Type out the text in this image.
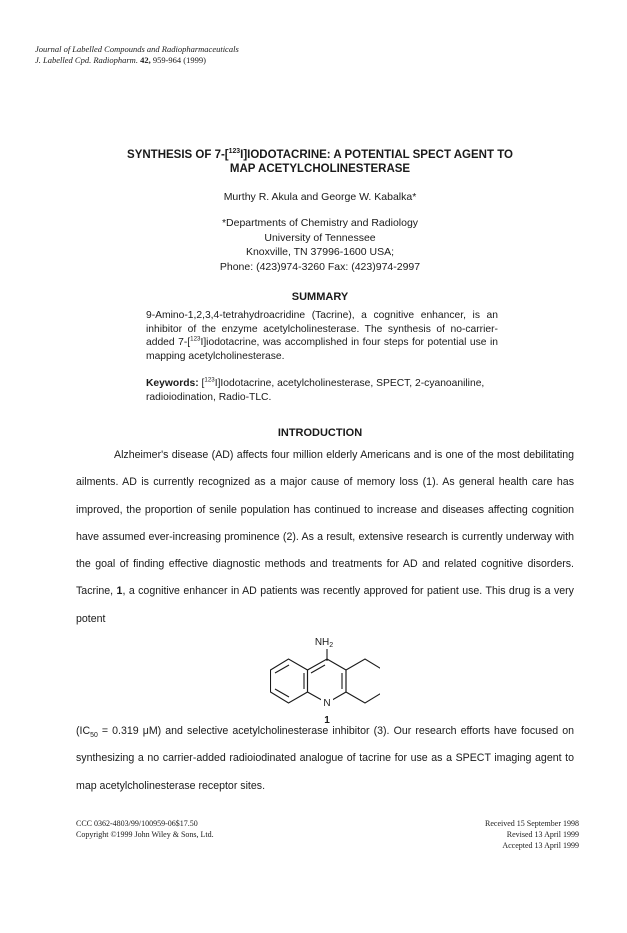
Journal of Labelled Compounds and Radiopharmaceuticals
J. Labelled Cpd. Radiopharm. 42, 959-964 (1999)
SYNTHESIS OF 7-[$^{123}$I]IODOTACRINE: A POTENTIAL SPECT AGENT TO
MAP ACETYLCHOLINESTERASE
Murthy R. Akula and George W. Kabalka*
*Departments of Chemistry and Radiology
University of Tennessee
Knoxville, TN 37996-1600 USA;
Phone: (423)974-3260 Fax: (423)974-2997
SUMMARY
9-Amino-1,2,3,4-tetrahydroacridine (Tacrine), a cognitive enhancer, is an inhibitor of the enzyme acetylcholinesterase. The synthesis of no-carrier-added 7-[$^{123}$I]iodotacrine, was accomplished in four steps for potential use in mapping acetylcholinesterase.
Keywords: [$^{123}$I]Iodotacrine, acetylcholinesterase, SPECT, 2-cyanoaniline, radioiodination, Radio-TLC.
INTRODUCTION
Alzheimer's disease (AD) affects four million elderly Americans and is one of the most debilitating ailments. AD is currently recognized as a major cause of memory loss (1). As general health care has improved, the proportion of senile population has continued to increase and diseases affecting cognition have assumed ever-increasing prominence (2). As a result, extensive research is currently underway with the goal of finding effective diagnostic methods and treatments for AD and related cognitive disorders. Tacrine, 1, a cognitive enhancer in AD patients was recently approved for patient use. This drug is a very potent
$NH_2$
N
1
($IC_{50} = 0.319$ μM) and selective acetylcholinesterase inhibitor (3). Our research efforts have focused on synthesizing a no carrier-added radioiodinated analogue of tacrine for use as a SPECT imaging agent to map acetylcholinesterase receptor sites.
CCC 0362-4803/99/100959-06$17.50
Copyright ©1999 John Wiley & Sons, Ltd.
Received 15 September 1998
Revised 13 April 1999
Accepted 13 April 1999
